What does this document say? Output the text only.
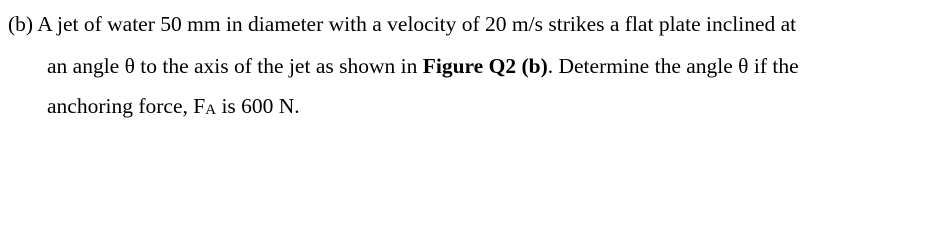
(b) A jet of water 50 mm in diameter with a velocity of 20 m/s strikes a flat plate inclined at
an angle θ to the axis of the jet as shown in Figure Q2 (b). Determine the angle θ if the
anchoring force, FA is 600 N.
